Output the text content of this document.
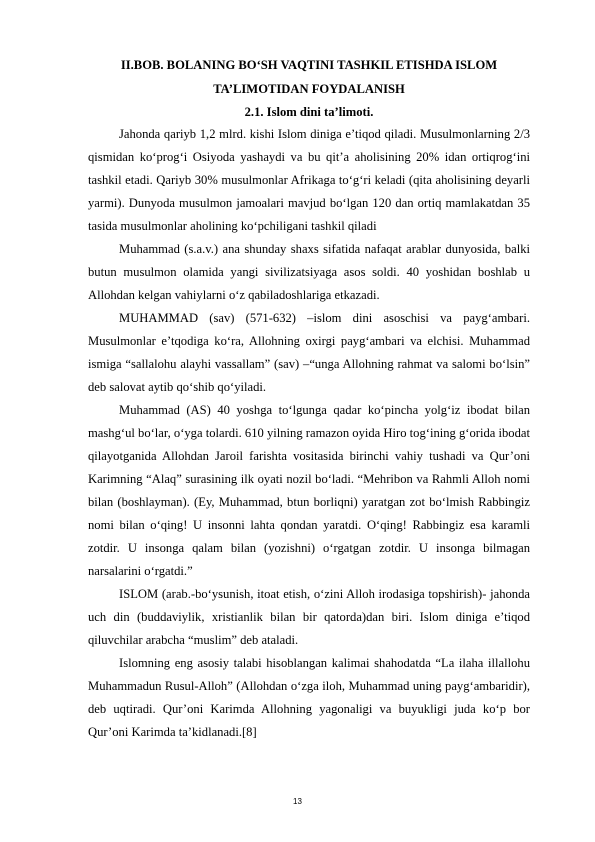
II.BOB. BOLANING BO‘SH VAQTINI TASHKIL ETISHDA ISLOM
TA’LIMOTIDAN FOYDALANISH
2.1. Islom dini ta’limoti.

Jahonda qariyb 1,2 mlrd. kishi Islom diniga e’tiqod qiladi. Musulmonlarning 2/3 qismidan ko‘prog‘i Osiyoda yashaydi va bu qit’a aholisining 20% idan ortiqrog‘ini tashkil etadi. Qariyb 30% musulmonlar Afrikaga to‘g‘ri keladi (qita aholisining deyarli yarmi). Dunyoda musulmon jamoalari mavjud bo‘lgan 120 dan ortiq mamlakatdan 35 tasida musulmonlar aholining ko‘pchiligani tashkil qiladi

Muhammad (s.a.v.) ana shunday shaxs sifatida nafaqat arablar dunyosida, balki butun musulmon olamida yangi sivilizatsiyaga asos soldi. 40 yoshidan boshlab u Allohdan kelgan vahiylarni o‘z qabiladoshlariga etkazadi.

MUHAMMAD (sav) (571-632) –islom dini asoschisi va payg‘ambari. Musulmonlar e’tqodiga ko‘ra, Allohning oxirgi payg‘ambari va elchisi. Muhammad ismiga “sallalohu alayhi vassallam” (sav) –“unga Allohning rahmat va salomi bo‘lsin” deb salovat aytib qo‘shib qo‘yiladi.

Muhammad (AS) 40 yoshga to‘lgunga qadar ko‘pincha yolg‘iz ibodat bilan mashg‘ul bo‘lar, o‘yga tolardi. 610 yilning ramazon oyida Hiro tog‘ining g‘orida ibodat qilayotganida Allohdan Jaroil farishta vositasida birinchi vahiy tushadi va Qur’oni Karimning “Alaq” surasining ilk oyati nozil bo‘ladi. “Mehribon va Rahmli Alloh nomi bilan (boshlayman). (Ey, Muhammad, btun borliqni) yaratgan zot bo‘lmish Rabbingiz nomi bilan o‘qing! U insonni lahta qondan yaratdi. O‘qing! Rabbingiz esa karamli zotdir. U insonga qalam bilan (yozishni) o‘rgatgan zotdir. U insonga bilmagan narsalarini o‘rgatdi.”

ISLOM (arab.-bo‘ysunish, itoat etish, o‘zini Alloh irodasiga topshirish)- jahonda uch din (buddaviylik, xristianlik bilan bir qatorda)dan biri. Islom diniga e’tiqod qiluvchilar arabcha “muslim” deb ataladi.

Islomning eng asosiy talabi hisoblangan kalimai shahodatda “La ilaha illallohu Muhammadun Rusul-Alloh” (Allohdan o‘zga iloh, Muhammad uning payg‘ambaridir), deb uqtiradi. Qur’oni Karimda Allohning yagonaligi va buyukligi juda ko‘p bor Qur’oni Karimda ta’kidlanadi.[8]

13
